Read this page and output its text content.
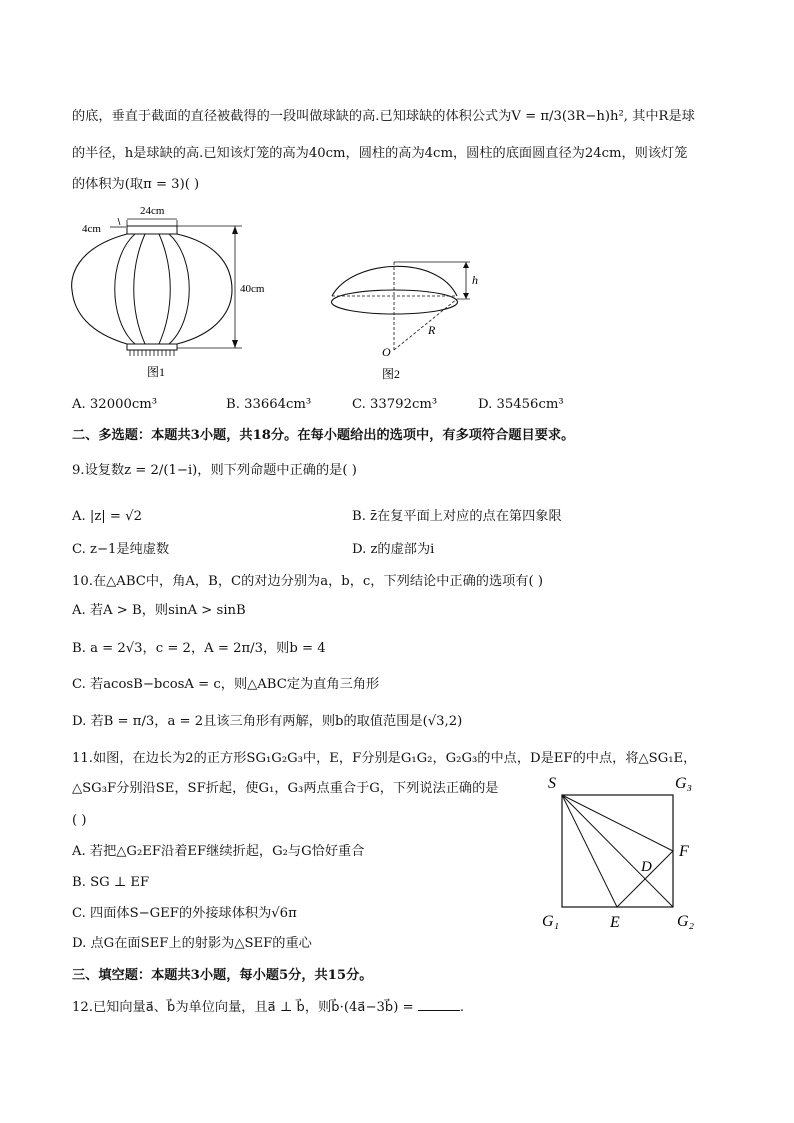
的底，垂直于截面的直径被截得的一段叫做球缺的高.已知球缺的体积公式为V = π/3(3R−h)h², 其中R是球
的半径，h是球缺的高.已知该灯笼的高为40cm，圆柱的高为4cm，圆柱的底面圆直径为24cm，则该灯笼
的体积为(取π = 3)( )
24cm
4cm
40cm
图1
h
R
O
图2
A. 32000cm³	B. 33664cm³	C. 33792cm³	D. 35456cm³
二、多选题：本题共3小题，共18分。在每小题给出的选项中，有多项符合题目要求。
9.设复数z = 2/(1−i)，则下列命题中正确的是( )
A. |z| = √2	B. z̄在复平面上对应的点在第四象限
C. z−1是纯虚数	D. z的虚部为i
10.在△ABC中，角A，B，C的对边分别为a，b，c，下列结论中正确的选项有( )
A. 若A > B，则sinA > sinB
B. a = 2√3，c = 2，A = 2π/3，则b = 4
C. 若acosB−bcosA = c，则△ABC定为直角三角形
D. 若B = π/3，a = 2且该三角形有两解，则b的取值范围是(√3,2)
11.如图，在边长为2的正方形SG₁G₂G₃中，E，F分别是G₁G₂，G₂G₃的中点，D是EF的中点，将△SG₁E，
△SG₃F分别沿SE，SF折起，使G₁，G₃两点重合于G，下列说法正确的是
( )
A. 若把△G₂EF沿着EF继续折起，G₂与G恰好重合
B. SG ⊥ EF
C. 四面体S−GEF的外接球体积为√6π
D. 点G在面SEF上的射影为△SEF的重心
S	G₃
F
D
G₁	E	G₂
三、填空题：本题共3小题，每小题5分，共15分。
12.已知向量a⃗、b⃗为单位向量，且a⃗ ⊥ b⃗，则b⃗·(4a⃗−3b⃗) =	.
